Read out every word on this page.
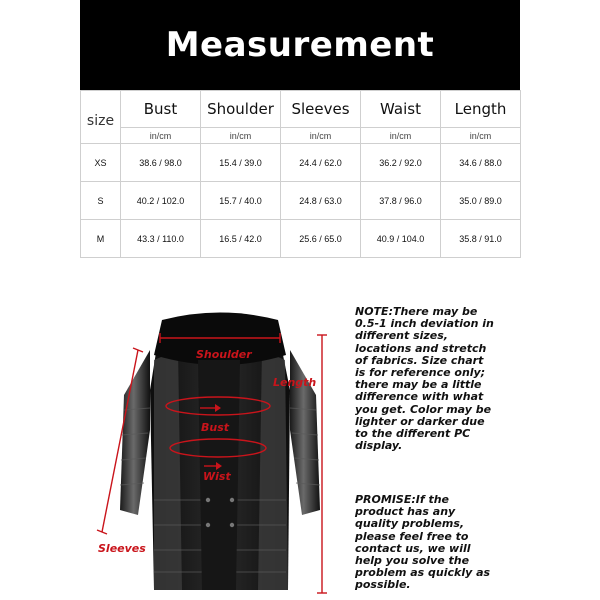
Measurement
size	Bust	Shoulder	Sleeves	Waist	Length
	in/cm	in/cm	in/cm	in/cm	in/cm
XS	38.6 / 98.0	15.4 / 39.0	24.4 / 62.0	36.2 / 92.0	34.6 / 88.0
S	40.2 / 102.0	15.7 / 40.0	24.8 / 63.0	37.8 / 96.0	35.0 / 89.0
M	43.3 / 110.0	16.5 / 42.0	25.6 / 65.0	40.9 / 104.0	35.8 / 91.0
Shoulder
Length
Bust
Wist
Sleeves
NOTE:There may be 0.5-1 inch deviation in different sizes, locations and stretch of fabrics. Size chart is for reference only; there may be a little difference with what you get. Color may be lighter or darker due to the different PC display.
PROMISE:If the product has any quality problems, please feel free to contact us, we will help you solve the problem as quickly as possible.
